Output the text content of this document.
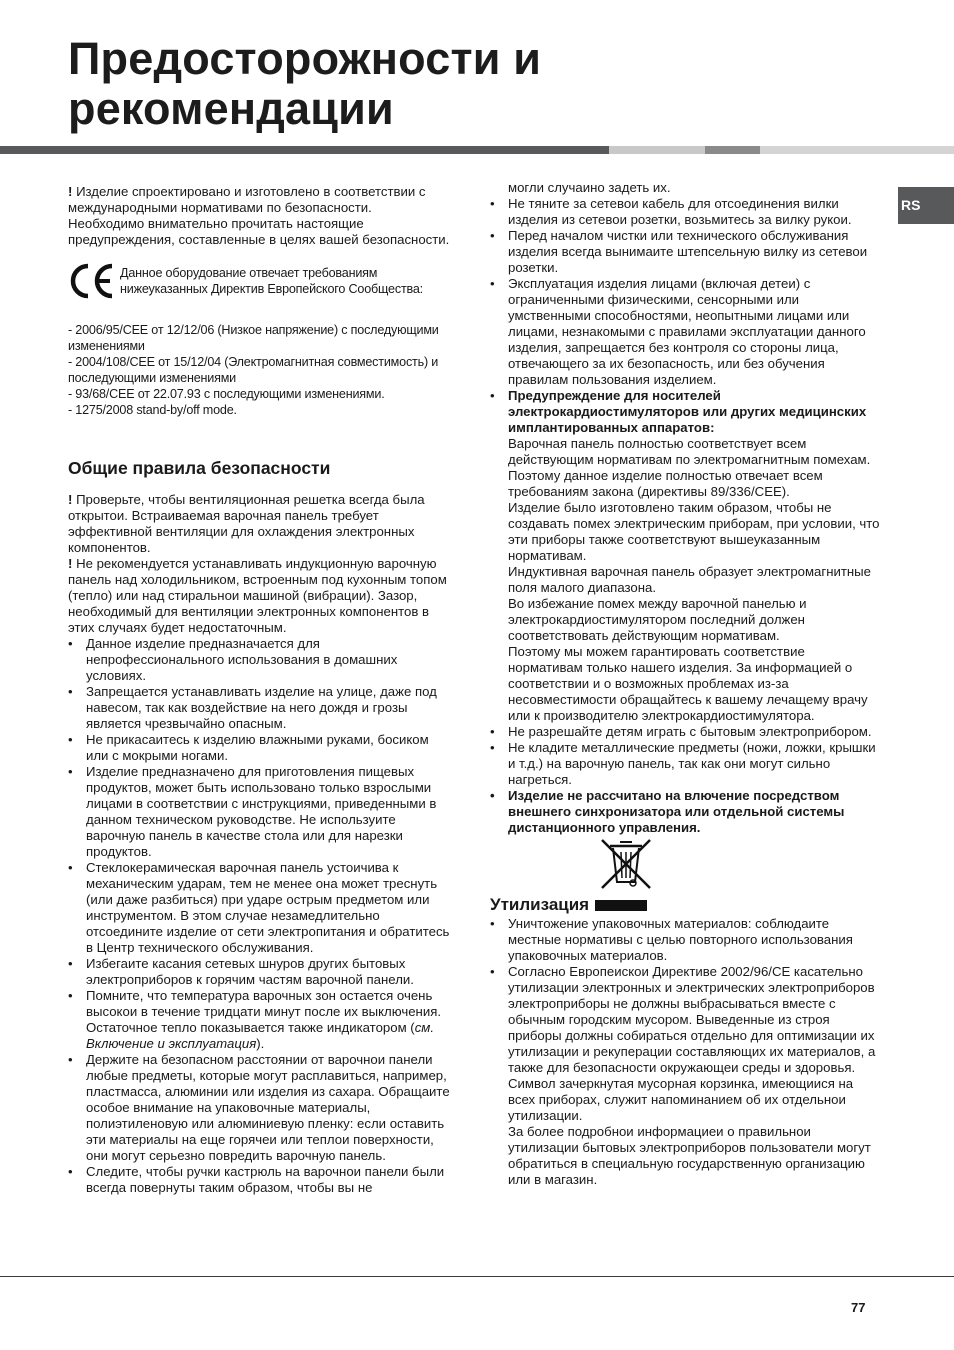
Предосторожности и
рекомендации
RS

! Изделие спроектировано и изготовлено в соответствии с международными нормативами по безопасности. Необходимо внимательно прочитать настоящие предупреждения, составленные в целях вашей безопасности.

Данное оборудование отвечает требованиям нижеуказанных Директив Европейского Сообщества:

- 2006/95/CEE от 12/12/06 (Низкое напряжение) с последующими изменениями

- 2004/108/CEE от 15/12/04 (Электромагнитная совместимость) и последующими изменениями

- 93/68/CEE от 22.07.93 с последующими изменениями.

- 1275/2008 stand-by/off mode.

Общие правила безопасности

! Проверьте, чтобы вентиляционная решетка всегда была открытои. Встраиваемая варочная панель требует эффективной вентиляции для охлаждения электронных компонентов.

! Не рекомендуется устанавливать индукционную варочную панель над холодильником, встроенным под кухонным топом (тепло) или над стиральнои машиной (вибрации). Зазор, необходимый для вентиляции электронных компонентов в этих случаях будет недостаточным.

• Данное изделие предназначается для непрофессионального использования в домашних условиях.
• Запрещается устанавливать изделие на улице, даже под навесом, так как воздействие на него дождя и грозы является чрезвычайно опасным.
• Не прикасаитесь к изделию влажными руками, босиком или с мокрыми ногами.
• Изделие предназначено для приготовления пищевых продуктов, может быть использовано только взрослыми лицами в соответствии с инструкциями, приведенными в данном техническом руководстве. Не используите варочную панель в качестве стола или для нарезки продуктов.
• Стеклокерамическая варочная панель устоичива к механическим ударам, тем не менее она может треснуть (или даже разбиться) при ударе острым предметом или инструментом. В этом случае незамедлительно отсоедините изделие от сети электропитания и обратитесь в Центр технического обслуживания.
• Избегаите касания сетевых шнуров других бытовых электроприборов к горячим частям варочной панели.
• Помните, что температура варочных зон остается очень высокои в течение тридцати минут после их выключения. Остаточное тепло показывается также индикатором (см. Включение и эксплуатация).
• Держите на безопасном расстоянии от варочнои панели любые предметы, которые могут расплавиться, например, пластмасса, алюминии или изделия из сахара. Обращаите особое внимание на упаковочные материалы, полиэтиленовую или алюминиевую пленку: если оставить эти материалы на еще горячеи или теплои поверхности, они могут серьезно повредить варочную панель.
• Следите, чтобы ручки кастрюль на варочнои панели были всегда повернуты таким образом, чтобы вы не
могли случаино задеть их.
• Не тяните за сетевои кабель для отсоединения вилки изделия из сетевои розетки, возьмитесь за вилку рукои.
• Перед началом чистки или технического обслуживания изделия всегда вынимаите штепсельную вилку из сетевои розетки.
• Эксплуатация изделия лицами (включая детеи) с ограниченными физическими, сенсорными или умственными способностями, неопытными лицами или лицами, незнакомыми с правилами эксплуатации данного изделия, запрещается без контроля со стороны лица, отвечающего за их безопасность, или без обучения правилам пользования изделием.
• Предупреждение для носителей электрокардиостимуляторов или других медицинских имплантированных аппаратов:
Варочная панель полностью соответствует всем действующим нормативам по электромагнитным помехам.
Поэтому данное изделие полностью отвечает всем требованиям закона (директивы 89/336/CEE).
Изделие было изготовлено таким образом, чтобы не создавать помех электрическим приборам, при условии, что эти приборы также соответствуют вышеуказанным нормативам.
Индуктивная варочная панель образует электромагнитные поля малого диапазона.
Во избежание помех между варочной панелью и электрокардиостимулятором последний должен соответствовать действующим нормативам.
Поэтому мы можем гарантировать соответствие нормативам только нашего изделия. За информацией о соответствии и о возможных проблемах из-за несовместимости обращайтесь к вашему лечащему врачу или к производителю электрокардиостимулятора.
• Не разрешайте детям играть с бытовым электроприбором.
• Не кладите металлические предметы (ножи, ложки, крышки и т.д.) на варочную панель, так как они могут сильно нагреться.
• Изделие не рассчитано на влючение посредством внешнего синхронизатора или отдельной системы дистанционного управления.
Утилизация
• Уничтожение упаковочных материалов: соблюдаите местные нормативы с целью повторного использования упаковочных материалов.
• Согласно Европеискои Директиве 2002/96/CE касательно утилизации электронных и электрических электроприборов электроприборы не должны выбрасываться вместе с обычным городским мусором. Выведенные из строя приборы должны собираться отдельно для оптимизации их утилизации и рекуперации составляющих их материалов, а также для безопасности окружающеи среды и здоровья. Символ зачеркнутая мусорная корзинка, имеющиися на всех приборах, служит напоминанием об их отдельнои утилизации.
За более подробнои информациеи о правильнои утилизации бытовых электроприборов пользователи могут обратиться в специальную государственную организацию или в магазин.
77
